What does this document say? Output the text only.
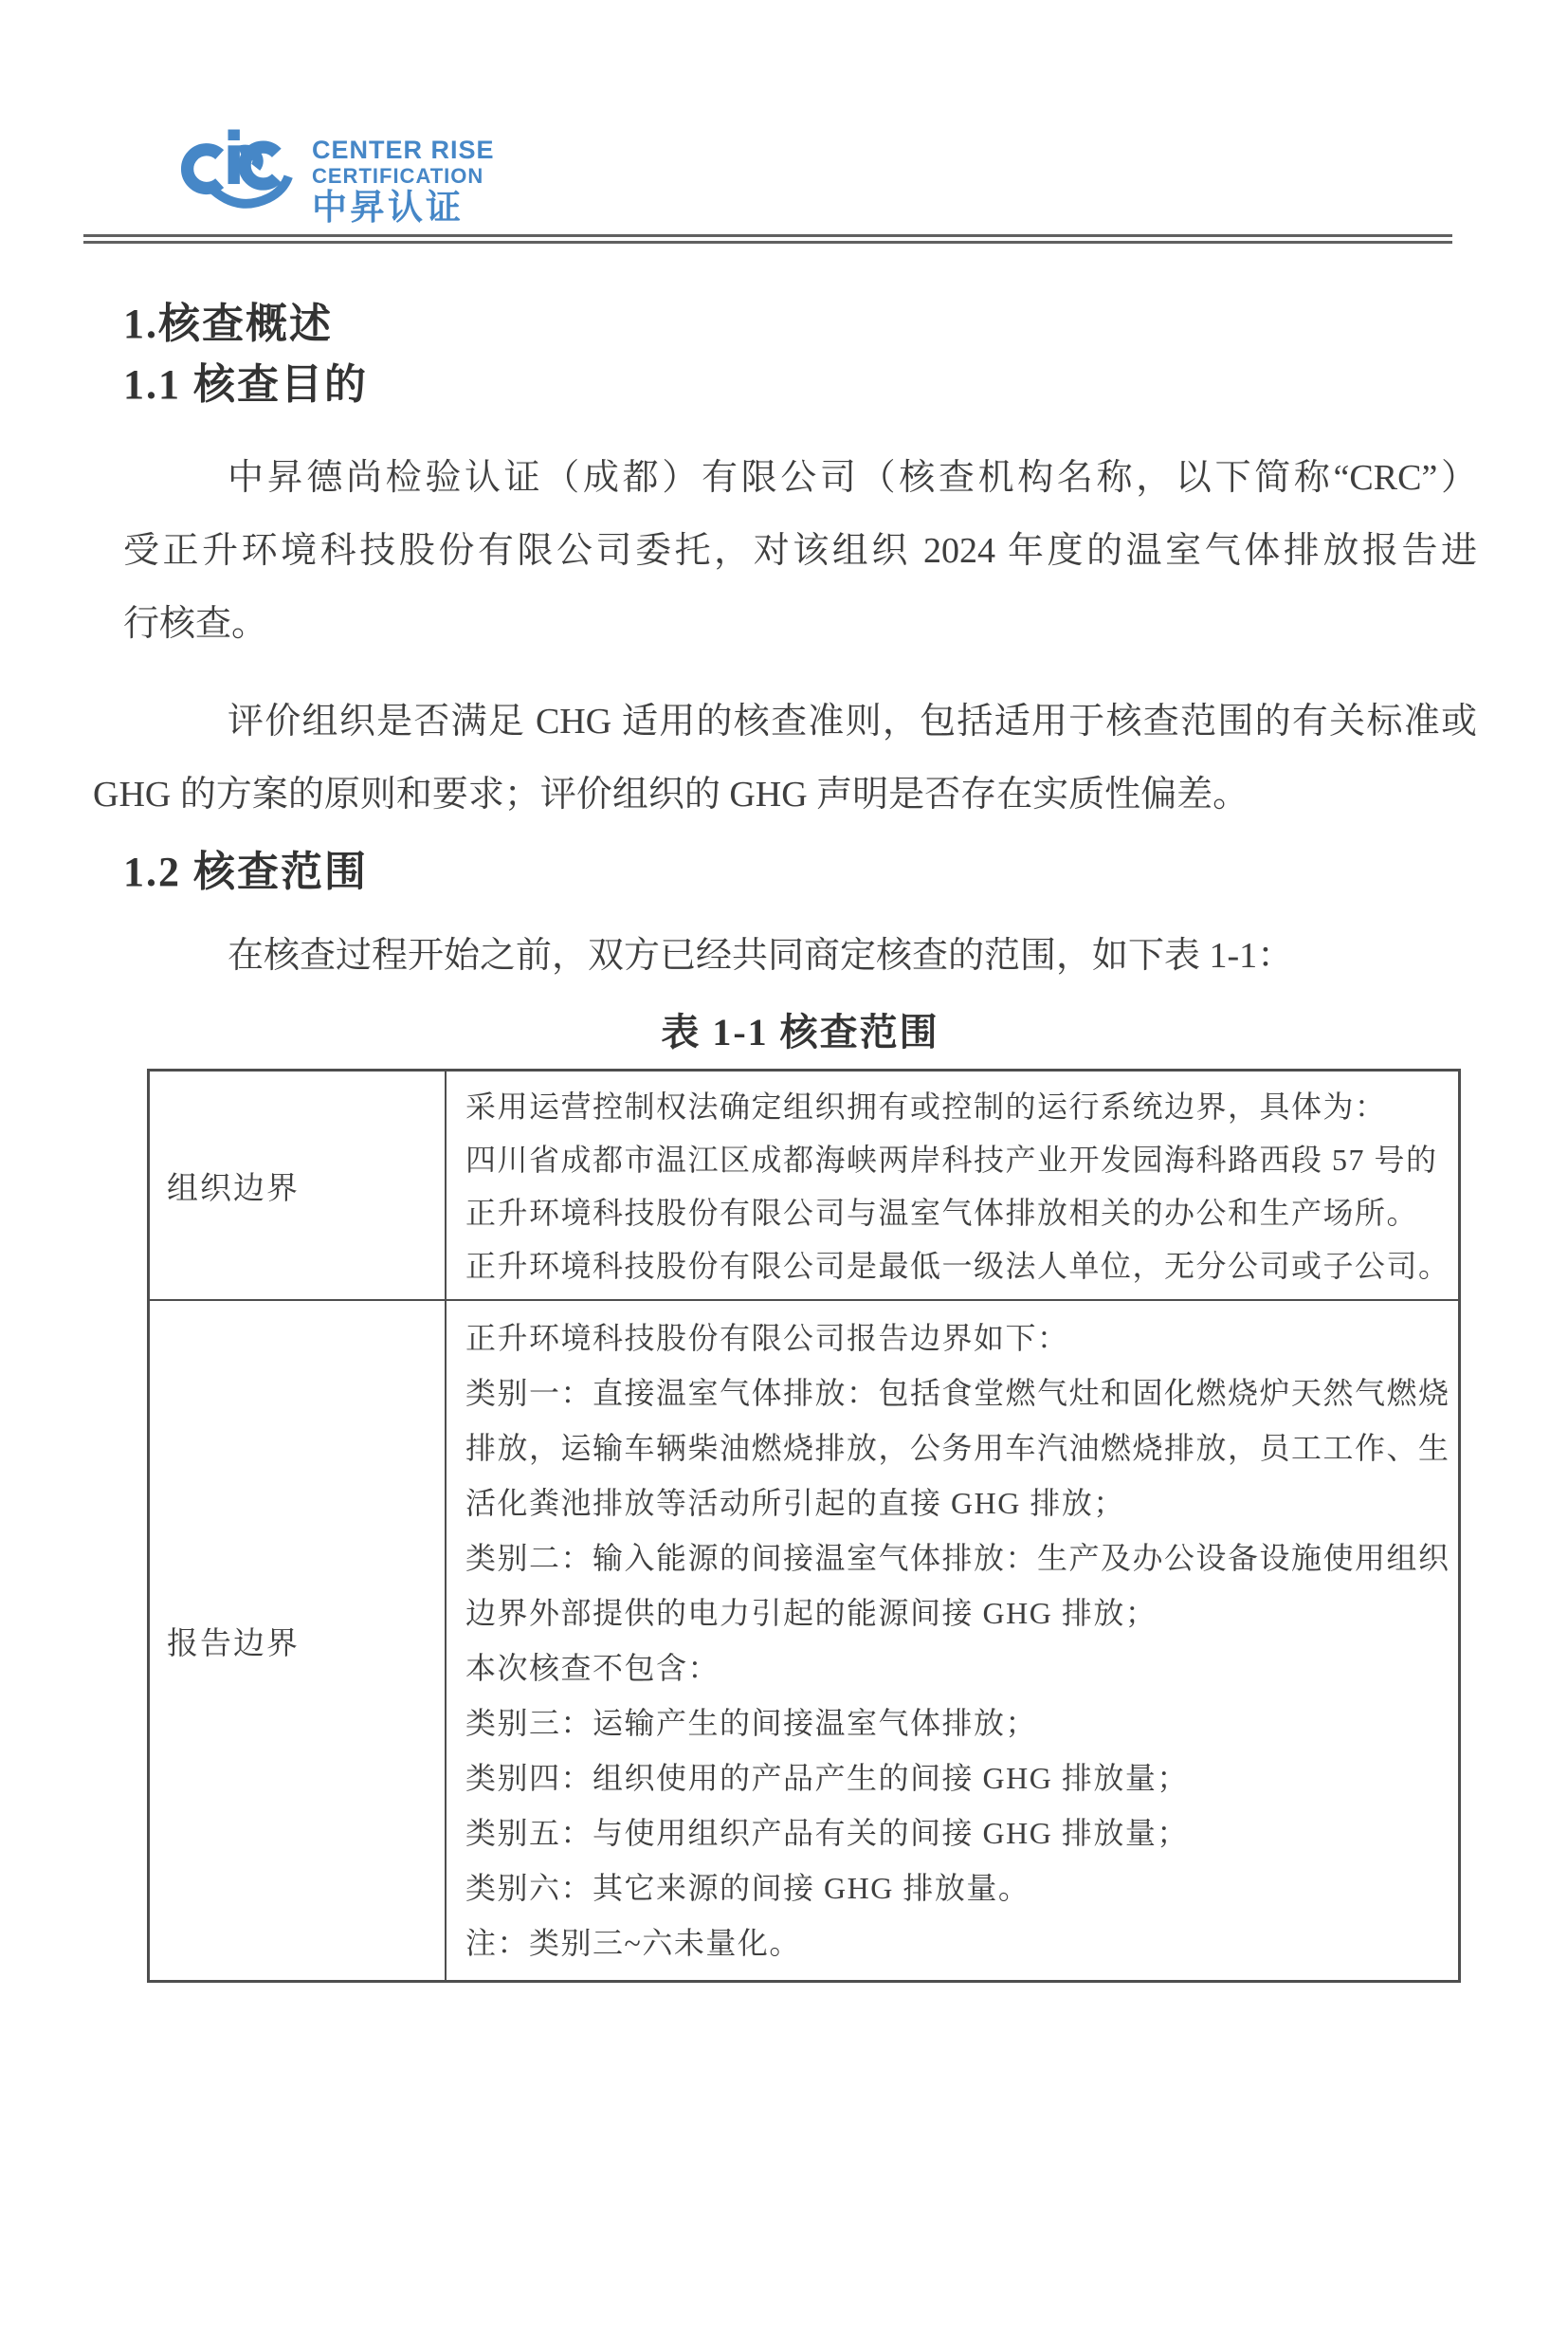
CENTER RISE
CERTIFICATION
中昇认证
1.核查概述
1.1 核查目的
中昇德尚检验认证（成都）有限公司（核查机构名称，以下简称“CRC”）
受正升环境科技股份有限公司委托，对该组织 2024 年度的温室气体排放报告进
行核查。
评价组织是否满足 CHG 适用的核查准则，包括适用于核查范围的有关标准或
GHG 的方案的原则和要求；评价组织的 GHG 声明是否存在实质性偏差。
1.2 核查范围
在核查过程开始之前，双方已经共同商定核查的范围，如下表 1-1：
表 1-1 核查范围
组织边界
采用运营控制权法确定组织拥有或控制的运行系统边界，具体为：
四川省成都市温江区成都海峡两岸科技产业开发园海科路西段 57 号的
正升环境科技股份有限公司与温室气体排放相关的办公和生产场所。
正升环境科技股份有限公司是最低一级法人单位，无分公司或子公司。
报告边界
正升环境科技股份有限公司报告边界如下：
类别一：直接温室气体排放：包括食堂燃气灶和固化燃烧炉天然气燃烧
排放，运输车辆柴油燃烧排放，公务用车汽油燃烧排放，员工工作、生
活化粪池排放等活动所引起的直接 GHG 排放；
类别二：输入能源的间接温室气体排放：生产及办公设备设施使用组织
边界外部提供的电力引起的能源间接 GHG 排放；
本次核查不包含：
类别三：运输产生的间接温室气体排放；
类别四：组织使用的产品产生的间接 GHG 排放量；
类别五：与使用组织产品有关的间接 GHG 排放量；
类别六：其它来源的间接 GHG 排放量。
注：类别三~六未量化。
